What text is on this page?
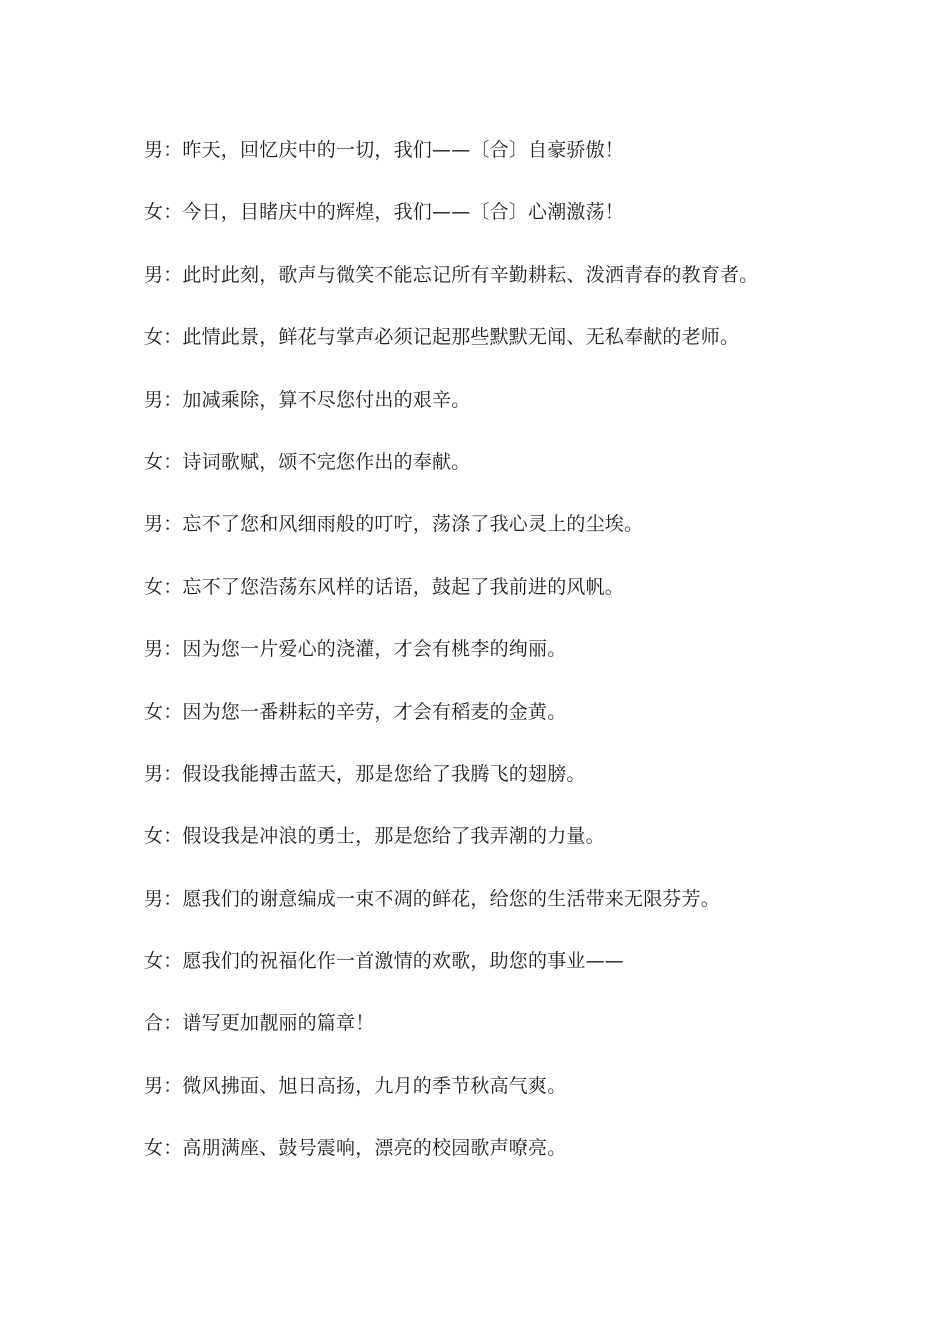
男：昨天，回忆庆中的一切，我们——〔合〕自豪骄傲！
女：今日，目睹庆中的辉煌，我们——〔合〕心潮激荡！
男：此时此刻，歌声与微笑不能忘记所有辛勤耕耘、泼洒青春的教育者。
女：此情此景，鲜花与掌声必须记起那些默默无闻、无私奉献的老师。
男：加减乘除，算不尽您付出的艰辛。
女：诗词歌赋，颂不完您作出的奉献。
男：忘不了您和风细雨般的叮咛，荡涤了我心灵上的尘埃。
女：忘不了您浩荡东风样的话语，鼓起了我前进的风帆。
男：因为您一片爱心的浇灌，才会有桃李的绚丽。
女：因为您一番耕耘的辛劳，才会有稻麦的金黄。
男：假设我能搏击蓝天，那是您给了我腾飞的翅膀。
女：假设我是冲浪的勇士，那是您给了我弄潮的力量。
男：愿我们的谢意编成一束不凋的鲜花，给您的生活带来无限芬芳。
女：愿我们的祝福化作一首激情的欢歌，助您的事业——
合：谱写更加靓丽的篇章！
男：微风拂面、旭日高扬，九月的季节秋高气爽。
女：高朋满座、鼓号震响，漂亮的校园歌声嘹亮。
